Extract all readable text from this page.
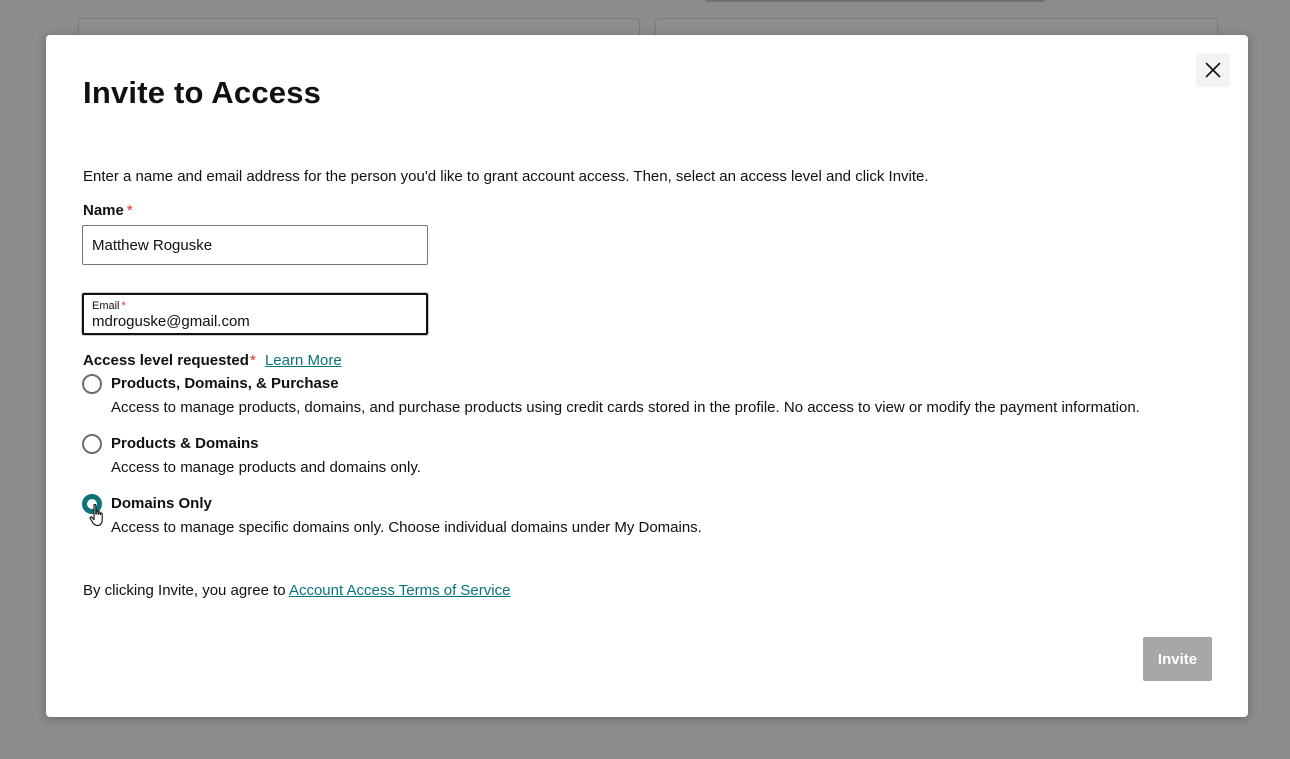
Invite to Access
Enter a name and email address for the person you'd like to grant account access. Then, select an access level and click Invite.
Name *
Matthew Roguske
Email *
mdroguske@gmail.com
Access level requested* Learn More
Products, Domains, & Purchase
Access to manage products, domains, and purchase products using credit cards stored in the profile. No access to view or modify the payment information.
Products & Domains
Access to manage products and domains only.
Domains Only
Access to manage specific domains only. Choose individual domains under My Domains.
By clicking Invite, you agree to Account Access Terms of Service
Invite
